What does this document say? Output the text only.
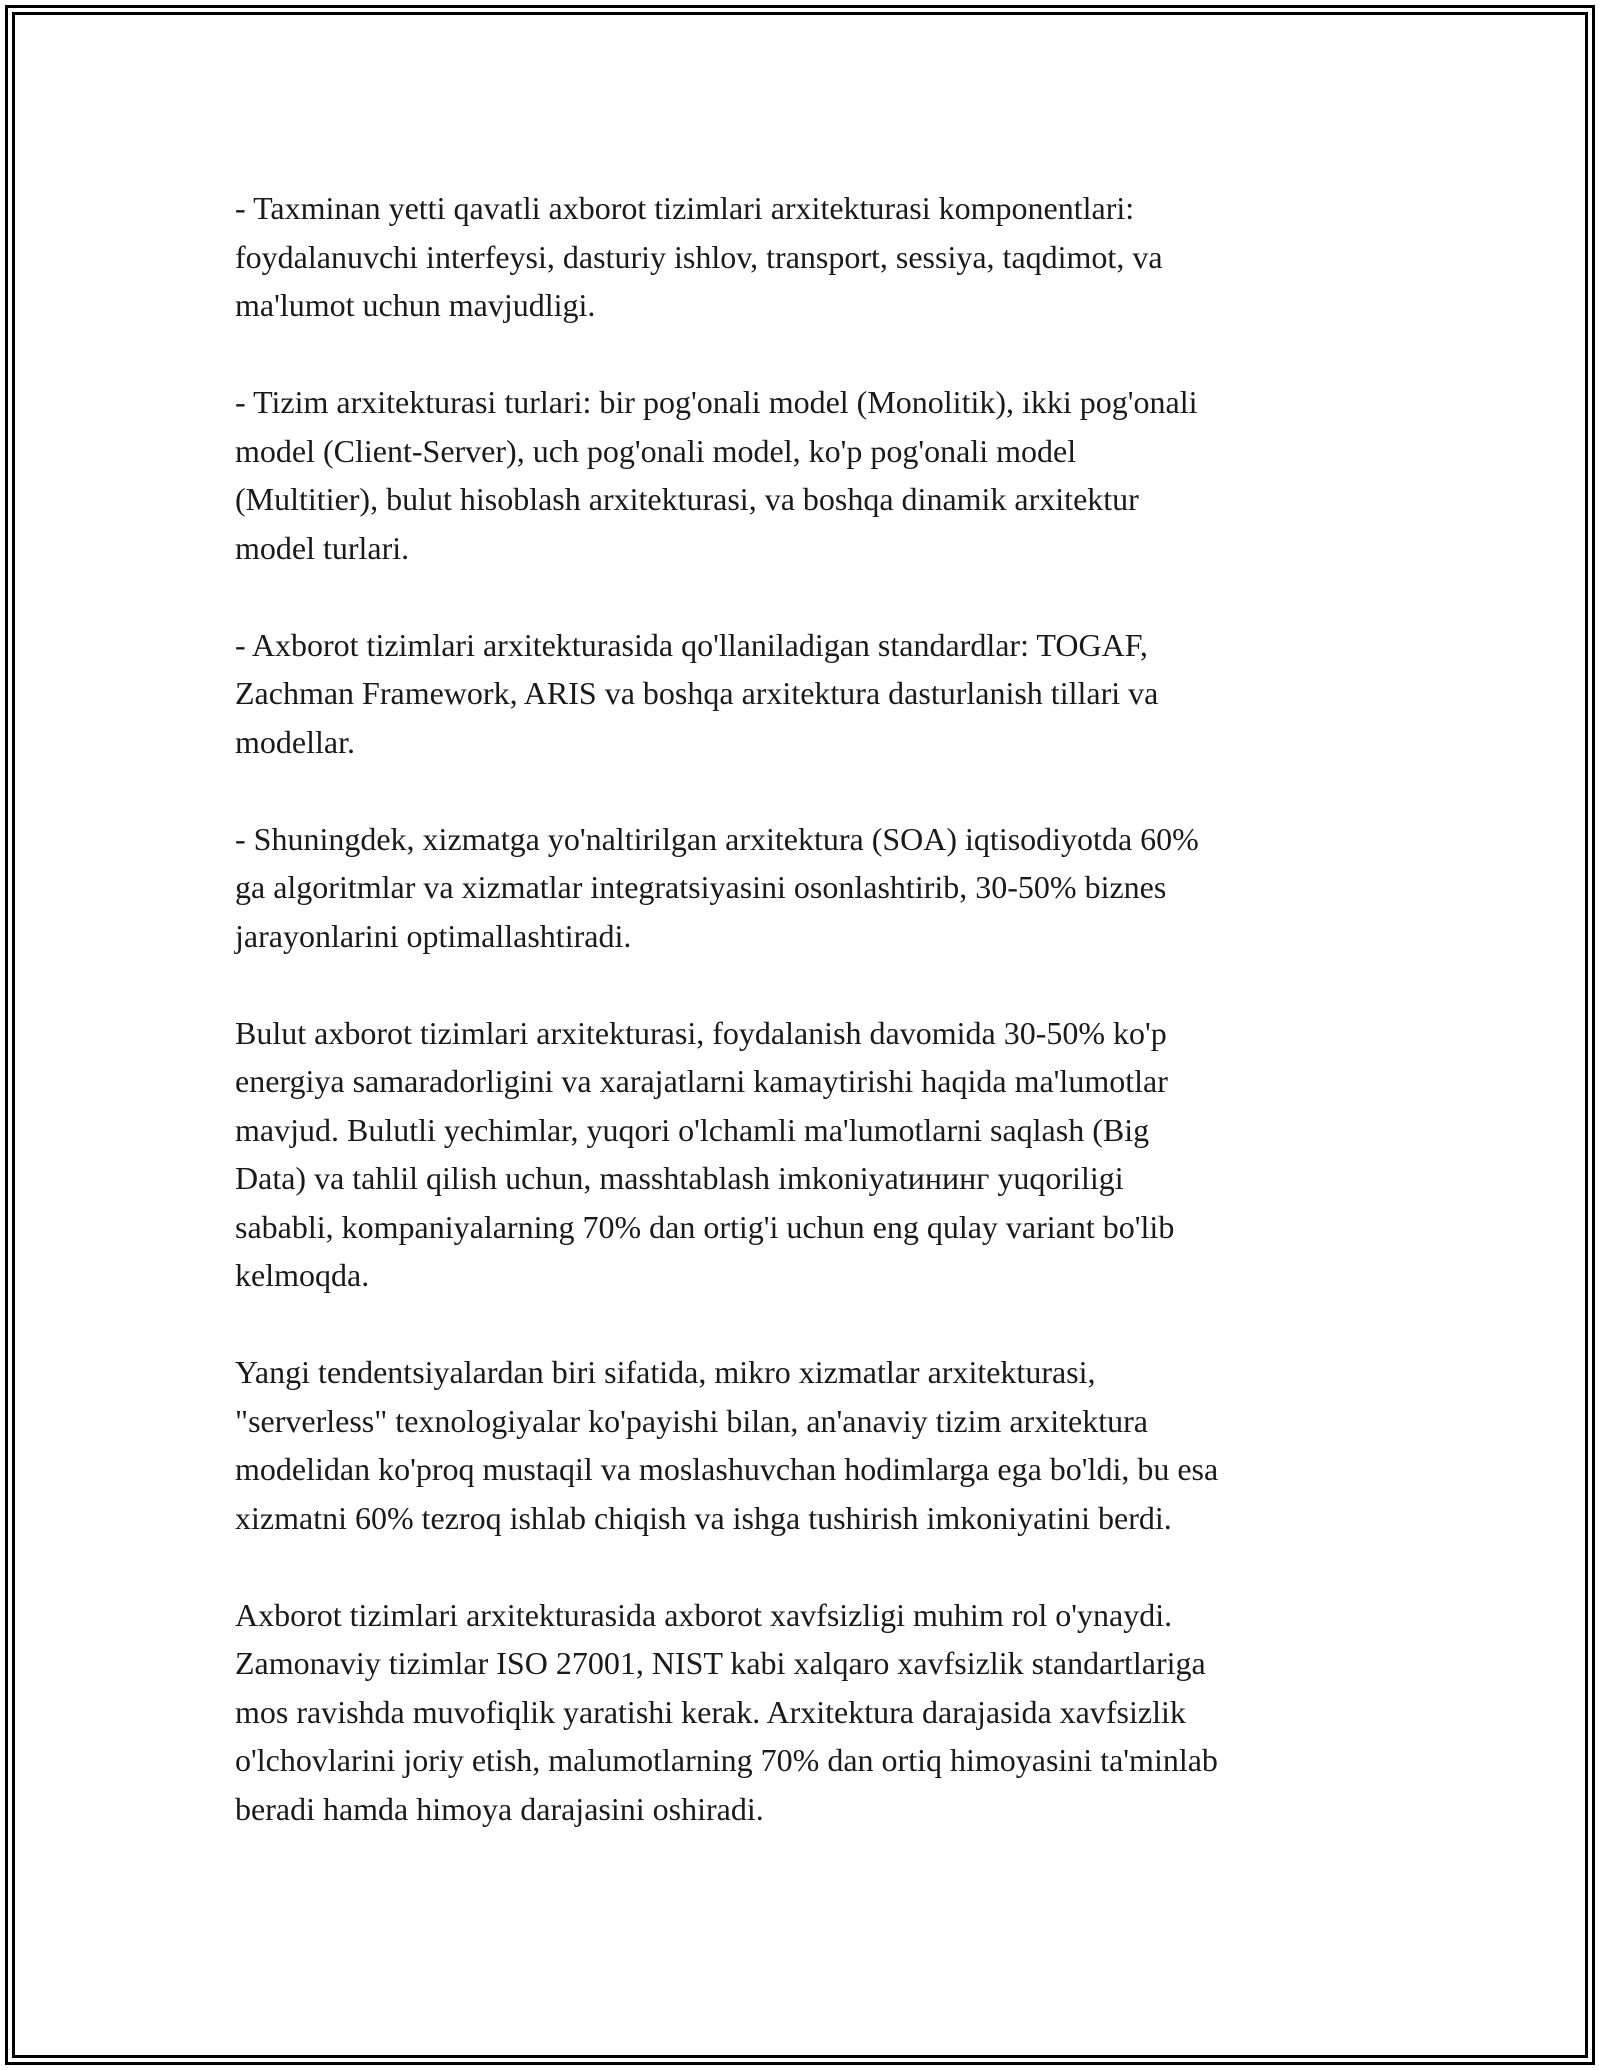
- Taxminan yetti qavatli axborot tizimlari arxitekturasi komponentlari:
foydalanuvchi interfeysi, dasturiy ishlov, transport, sessiya, taqdimot, va
ma'lumot uchun mavjudligi.

- Tizim arxitekturasi turlari: bir pog'onali model (Monolitik), ikki pog'onali
model (Client-Server), uch pog'onali model, ko'p pog'onali model
(Multitier), bulut hisoblash arxitekturasi, va boshqa dinamik arxitektur
model turlari.

- Axborot tizimlari arxitekturasida qo'llaniladigan standardlar: TOGAF,
Zachman Framework, ARIS va boshqa arxitektura dasturlanish tillari va
modellar.

- Shuningdek, xizmatga yo'naltirilgan arxitektura (SOA) iqtisodiyotda 60%
ga algoritmlar va xizmatlar integratsiyasini osonlashtirib, 30-50% biznes
jarayonlarini optimallashtiradi.

Bulut axborot tizimlari arxitekturasi, foydalanish davomida 30-50% ko'p
energiya samaradorligini va xarajatlarni kamaytirishi haqida ma'lumotlar
mavjud. Bulutli yechimlar, yuqori o'lchamli ma'lumotlarni saqlash (Big
Data) va tahlil qilish uchun, masshtablash imkoniyatининг yuqoriligi
sababli, kompaniyalarning 70% dan ortig'i uchun eng qulay variant bo'lib
kelmoqda.

Yangi tendentsiyalardan biri sifatida, mikro xizmatlar arxitekturasi,
"serverless" texnologiyalar ko'payishi bilan, an'anaviy tizim arxitektura
modelidan ko'proq mustaqil va moslashuvchan hodimlarga ega bo'ldi, bu esa
xizmatni 60% tezroq ishlab chiqish va ishga tushirish imkoniyatini berdi.

Axborot tizimlari arxitekturasida axborot xavfsizligi muhim rol o'ynaydi.
Zamonaviy tizimlar ISO 27001, NIST kabi xalqaro xavfsizlik standartlariga
mos ravishda muvofiqlik yaratishi kerak. Arxitektura darajasida xavfsizlik
o'lchovlarini joriy etish, malumotlarning 70% dan ortiq himoyasini ta'minlab
beradi hamda himoya darajasini oshiradi.
